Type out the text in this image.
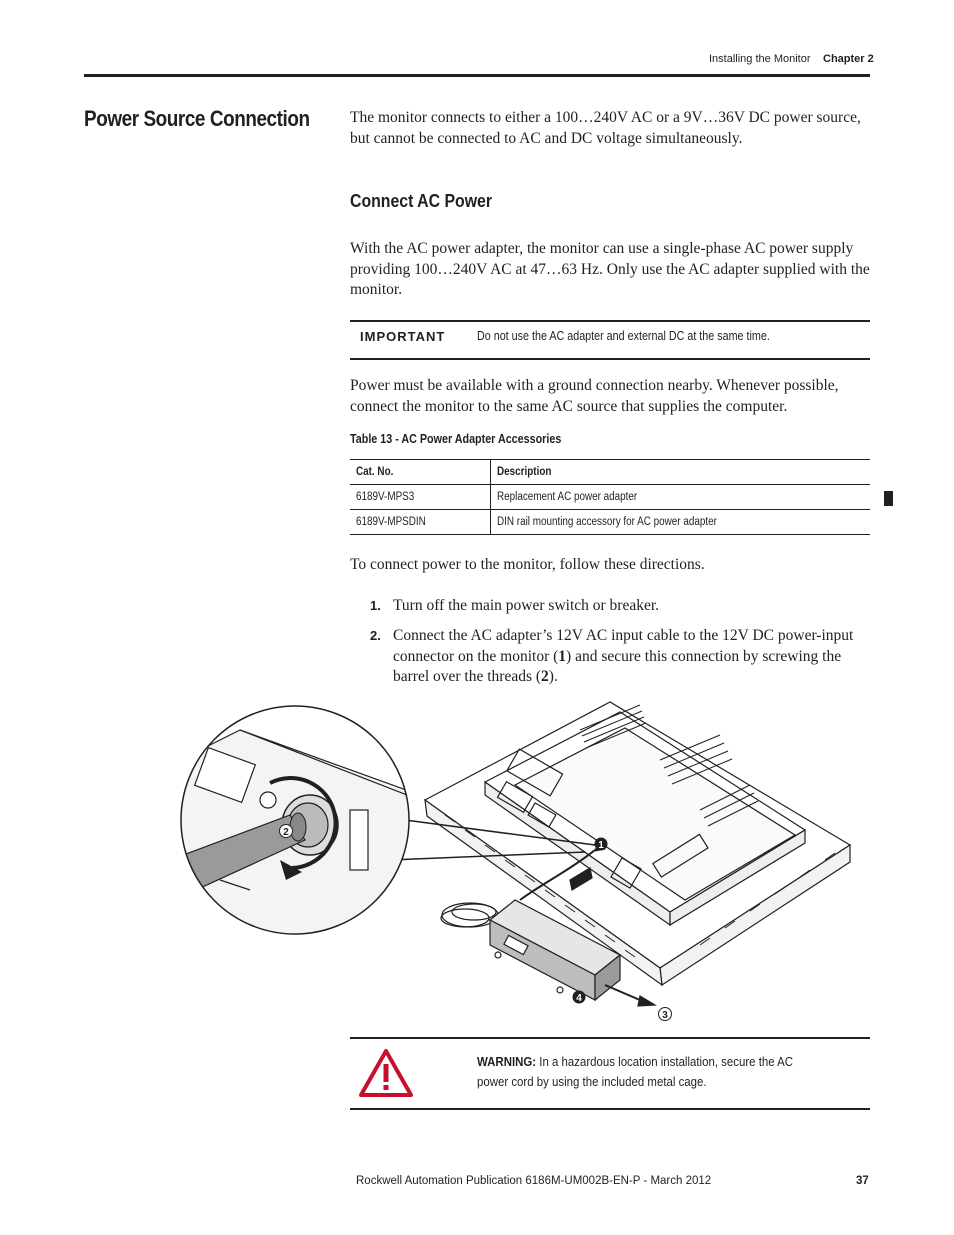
Installing the Monitor Chapter 2
Power Source Connection	The monitor connects to either a 100…240V AC or a 9V…36V DC power source, but cannot be connected to AC and DC voltage simultaneously.
Connect AC Power
With the AC power adapter, the monitor can use a single-phase AC power supply providing 100…240V AC at 47…63 Hz. Only use the AC adapter supplied with the monitor.
IMPORTANT	Do not use the AC adapter and external DC at the same time.
Power must be available with a ground connection nearby. Whenever possible, connect the monitor to the same AC source that supplies the computer.
Table 13 - AC Power Adapter Accessories
Cat. No.	Description
6189V-MPS3	Replacement AC power adapter
6189V-MPSDIN	DIN rail mounting accessory for AC power adapter
To connect power to the monitor, follow these directions.
1. Turn off the main power switch or breaker.
2. Connect the AC adapter’s 12V AC input cable to the 12V DC power-input connector on the monitor (1) and secure this connection by screwing the barrel over the threads (2).
1
2
3
4
WARNING: In a hazardous location installation, secure the AC power cord by using the included metal cage.
Rockwell Automation Publication 6186M-UM002B-EN-P - March 2012	37
